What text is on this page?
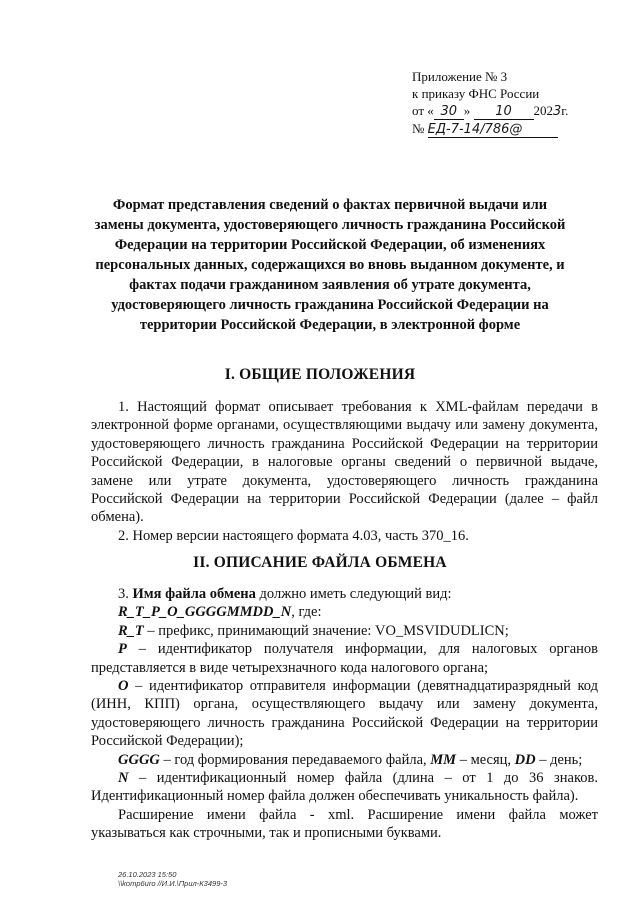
Приложение № 3
к приказу ФНС России
от « 30 » 10 2023г.
№ ЕД-7-14/786@
Формат представления сведений о фактах первичной выдачи или замены документа, удостоверяющего личность гражданина Российской Федерации на территории Российской Федерации, об изменениях персональных данных, содержащихся во вновь выданном документе, и фактах подачи гражданином заявления об утрате документа, удостоверяющего личность гражданина Российской Федерации на территории Российской Федерации, в электронной форме
I. ОБЩИЕ ПОЛОЖЕНИЯ

1. Настоящий формат описывает требования к XML-файлам передачи в электронной форме органами, осуществляющими выдачу или замену документа, удостоверяющего личность гражданина Российской Федерации на территории Российской Федерации, в налоговые органы сведений о первичной выдаче, замене или утрате документа, удостоверяющего личность гражданина Российской Федерации на территории Российской Федерации (далее – файл обмена).

2. Номер версии настоящего формата 4.03, часть 370_16.

II. ОПИСАНИЕ ФАЙЛА ОБМЕНА

3. Имя файла обмена должно иметь следующий вид:

R_T_P_O_GGGGMMDD_N, где:

R_T – префикс, принимающий значение: VO_MSVIDUDLICN;

P – идентификатор получателя информации, для налоговых органов представляется в виде четырехзначного кода налогового органа;

O – идентификатор отправителя информации (девятнадцатиразрядный код (ИНН, КПП) органа, осуществляющего выдачу или замену документа, удостоверяющего личность гражданина Российской Федерации на территории Российской Федерации);

GGGG – год формирования передаваемого файла, MM – месяц, DD – день;

N – идентификационный номер файла (длина – от 1 до 36 знаков. Идентификационный номер файла должен обеспечивать уникальность файла).

Расширение имени файла - xml. Расширение имени файла может указываться как строчными, так и прописными буквами.

26.10.2023 15:50
\\komp6uro //И.И.\Прил-К3499-3
